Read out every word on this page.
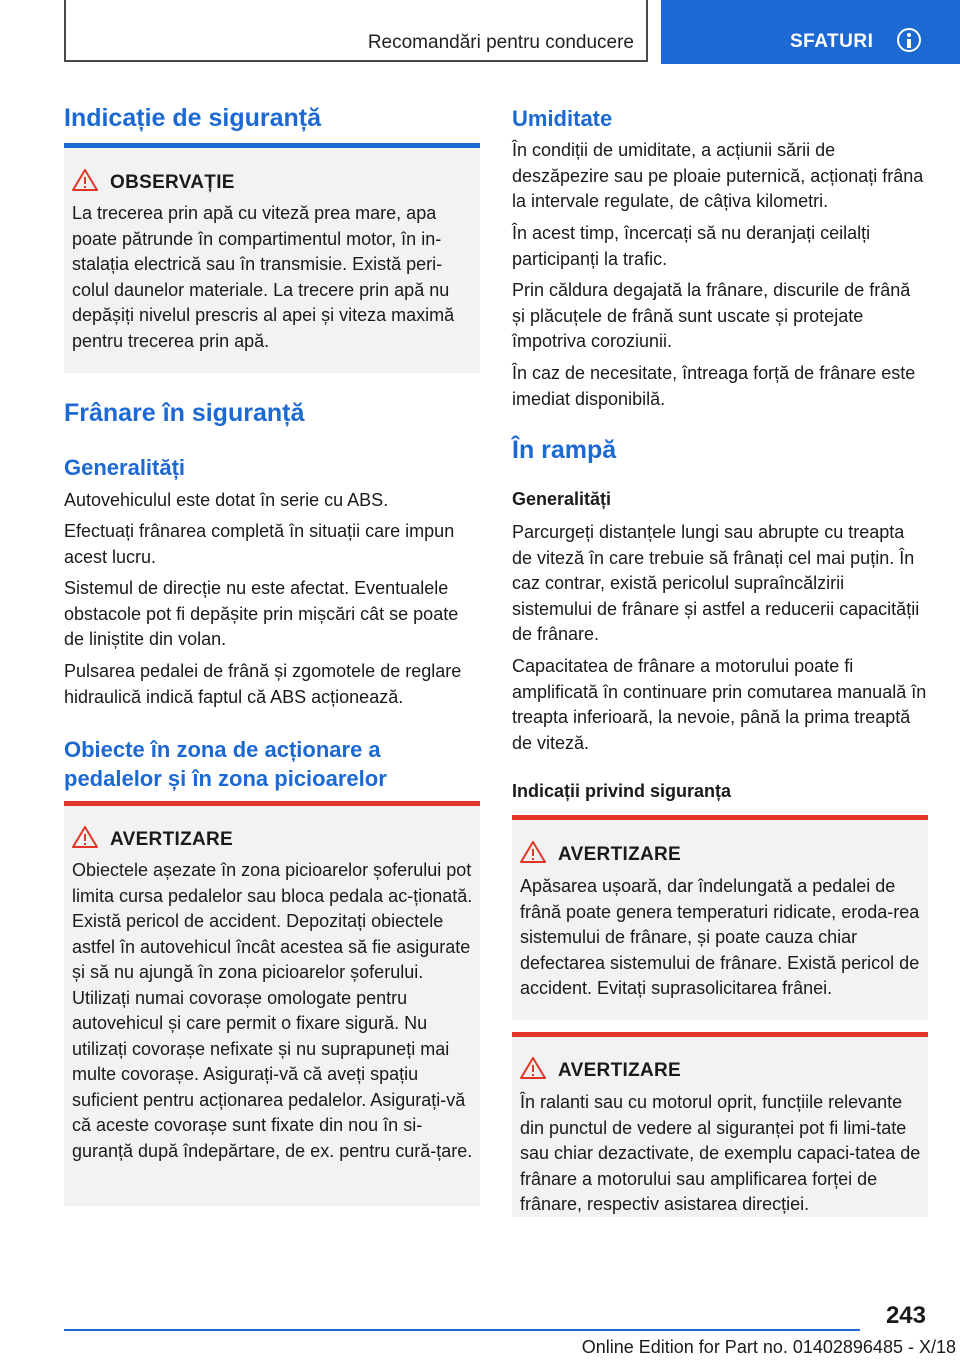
Recomandări pentru conducere	SFATURI
Indicație de siguranță
OBSERVAȚIE
La trecerea prin apă cu viteză prea mare, apa poate pătrunde în compartimentul motor, în in-stalația electrică sau în transmisie. Există peri-colul daunelor materiale. La trecere prin apă nu depășiți nivelul prescris al apei și viteza maximă pentru trecerea prin apă.
Frânare în siguranță
Generalități
Autovehiculul este dotat în serie cu ABS.
Efectuați frânarea completă în situații care impun acest lucru.
Sistemul de direcție nu este afectat. Eventualele obstacole pot fi depășite prin mișcări cât se poate de liniștite din volan.
Pulsarea pedalei de frână și zgomotele de reglare hidraulică indică faptul că ABS acționează.
Obiecte în zona de acționare a pedalelor și în zona picioarelor
AVERTIZARE
Obiectele așezate în zona picioarelor șoferului pot limita cursa pedalelor sau bloca pedala ac-ționată. Există pericol de accident. Depozitați obiectele astfel în autovehicul încât acestea să fie asigurate și să nu ajungă în zona picioarelor șoferului. Utilizați numai covorașe omologate pentru autovehicul și care permit o fixare sigură. Nu utilizați covorașe nefixate și nu suprapuneți mai multe covorașe. Asigurați-vă că aveți spațiu suficient pentru acționarea pedalelor. Asigurați-vă că aceste covorașe sunt fixate din nou în si-guranță după îndepărtare, de ex. pentru cură-țare.
Umiditate
În condiții de umiditate, a acțiunii sării de deszăpezire sau pe ploaie puternică, acționați frâna la intervale regulate, de câțiva kilometri.
În acest timp, încercați să nu deranjați ceilalți participanți la trafic.
Prin căldura degajată la frânare, discurile de frână și plăcuțele de frână sunt uscate și protejate împotriva coroziunii.
În caz de necesitate, întreaga forță de frânare este imediat disponibilă.
În rampă
Generalități
Parcurgeți distanțele lungi sau abrupte cu treapta de viteză în care trebuie să frânați cel mai puțin. În caz contrar, există pericolul supraîncălzirii sistemului de frânare și astfel a reducerii capacității de frânare.
Capacitatea de frânare a motorului poate fi amplificată în continuare prin comutarea manuală în treapta inferioară, la nevoie, până la prima treaptă de viteză.
Indicații privind siguranța
AVERTIZARE
Apăsarea ușoară, dar îndelungată a pedalei de frână poate genera temperaturi ridicate, eroda-rea sistemului de frânare, și poate cauza chiar defectarea sistemului de frânare. Există pericol de accident. Evitați suprasolicitarea frânei.
AVERTIZARE
În ralanti sau cu motorul oprit, funcțiile relevante din punctul de vedere al siguranței pot fi limi-tate sau chiar dezactivate, de exemplu capaci-tatea de frânare a motorului sau amplificarea forței de frânare, respectiv asistarea direcției.
243
Online Edition for Part no. 01402896485 - X/18
